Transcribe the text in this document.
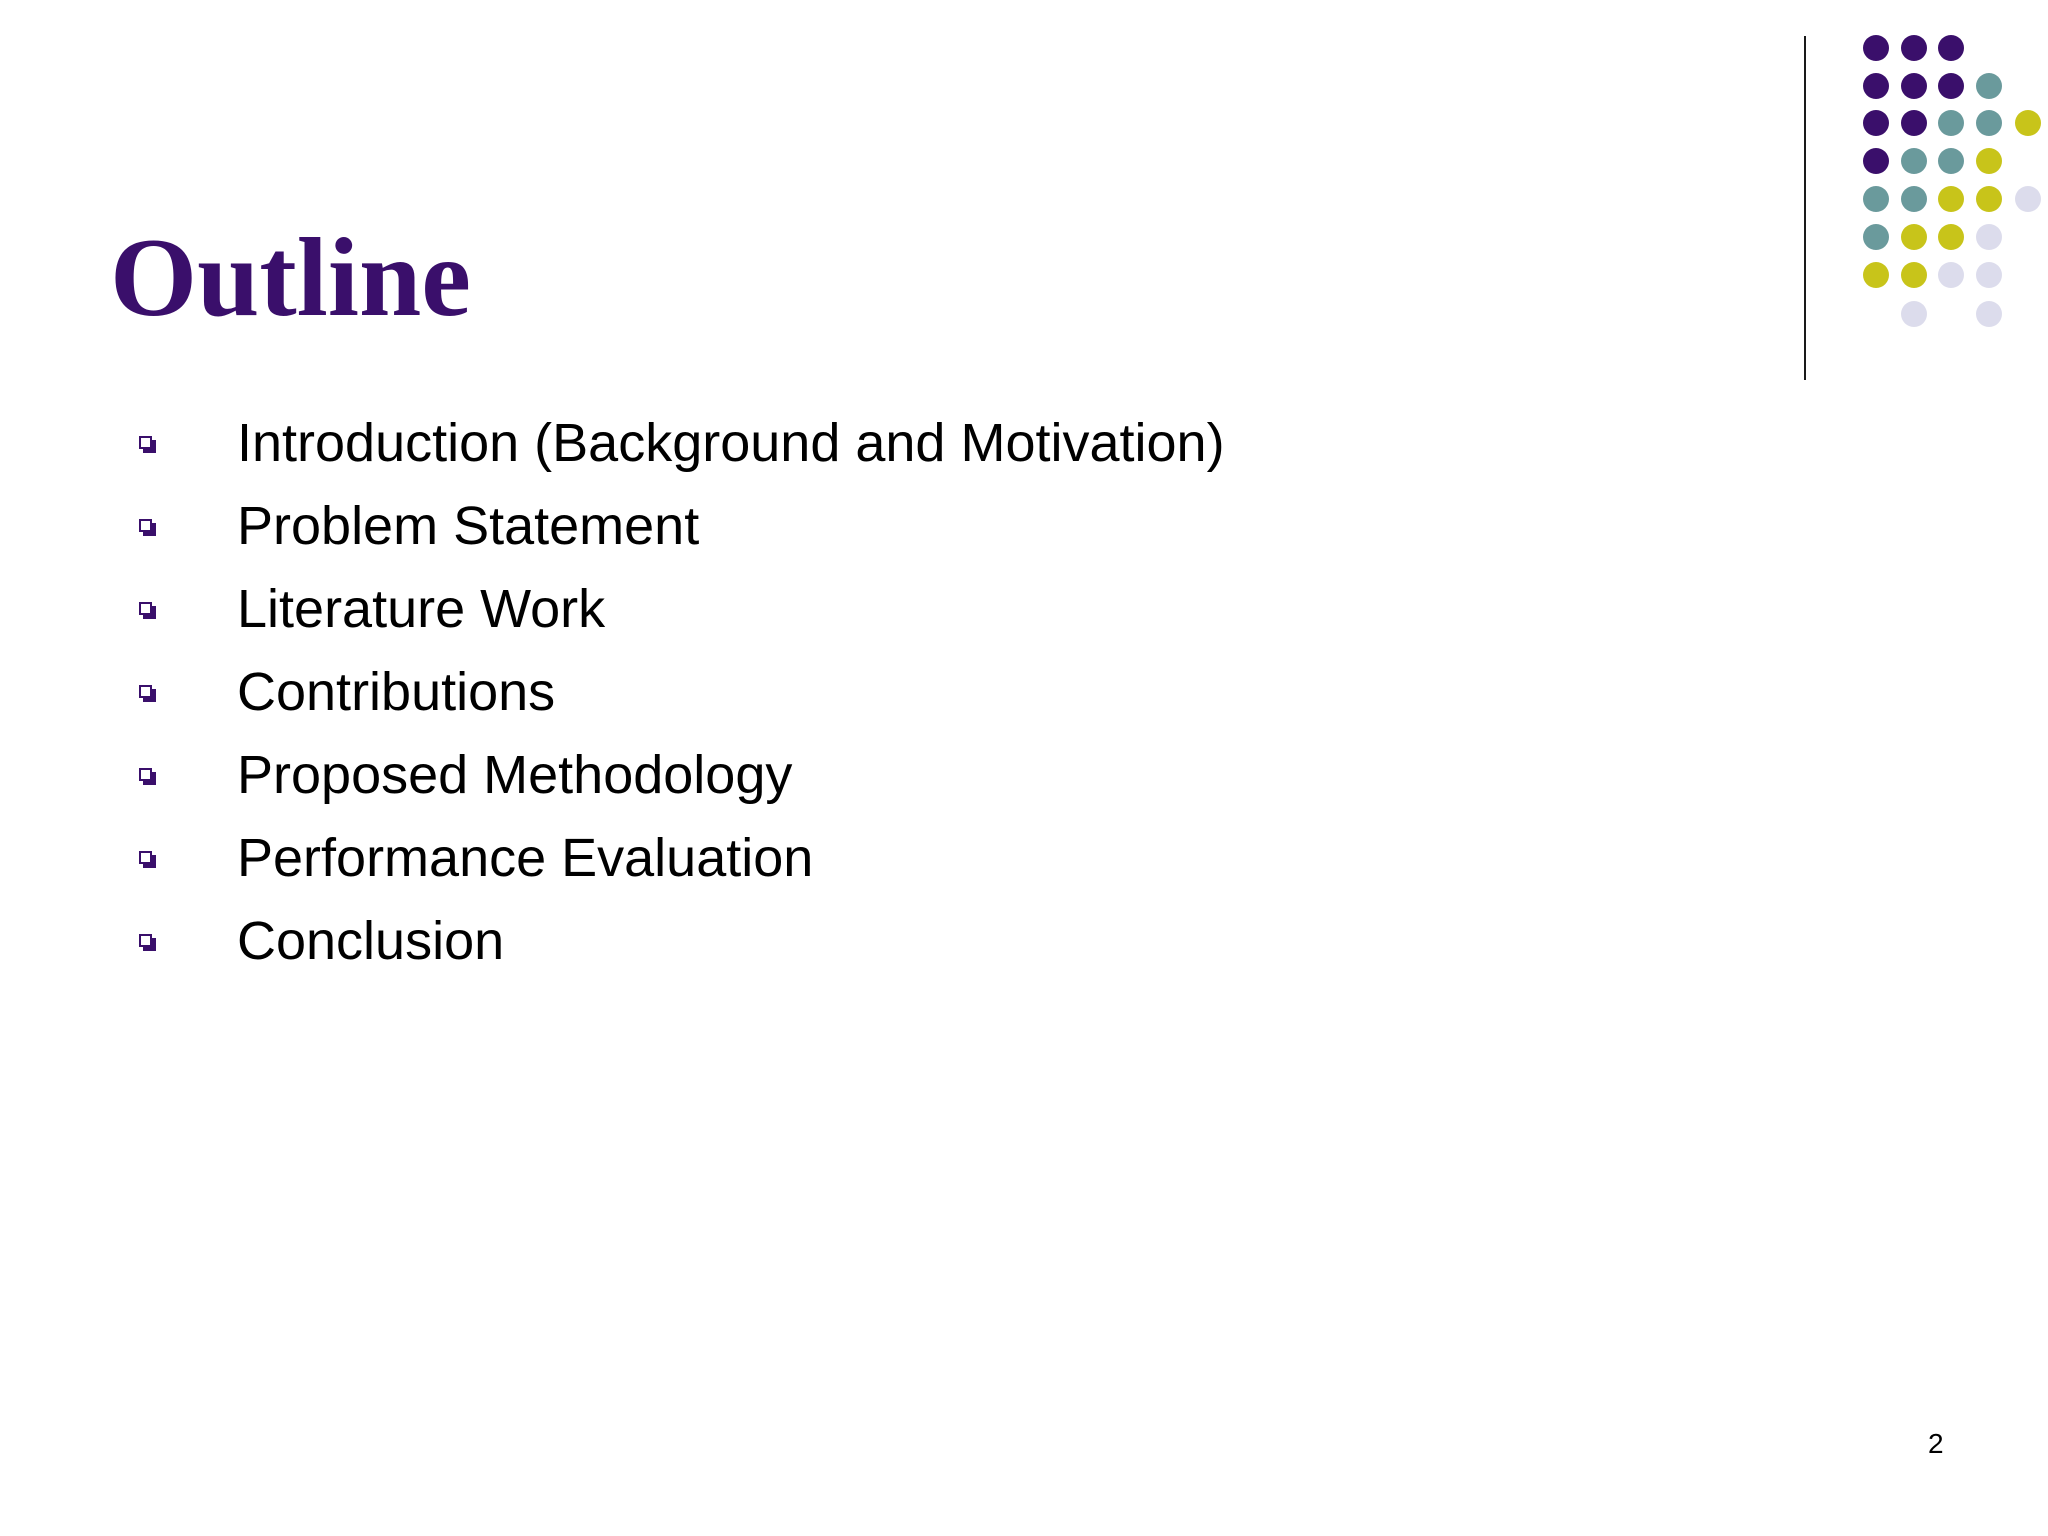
Outline
Introduction (Background and Motivation)
Problem Statement
Literature Work
Contributions
Proposed Methodology
Performance Evaluation
Conclusion
2
